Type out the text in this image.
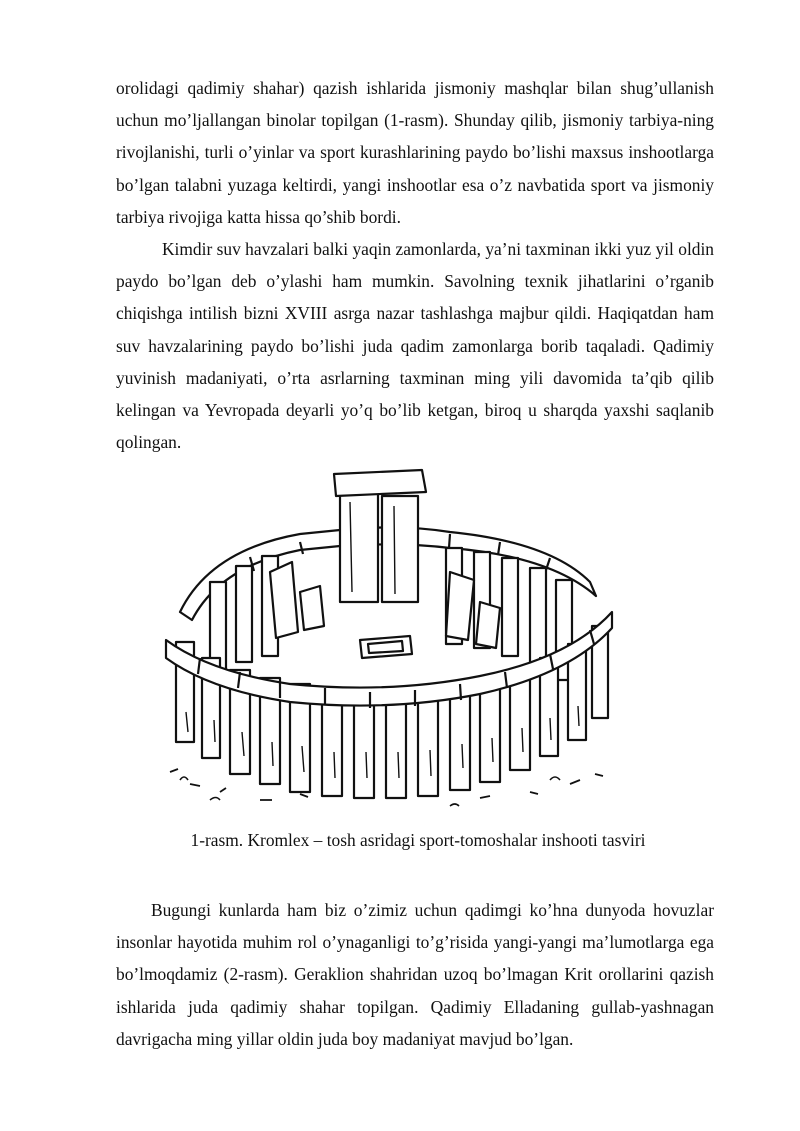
orolidagi qadimiy shahar) qazish ishlarida jismoniy mashqlar bilan shug’ullanish uchun mo’ljallangan binolar topilgan (1-rasm). Shunday qilib, jismoniy tarbiya-ning rivojlanishi, turli o’yinlar va sport kurashlarining paydo bo’lishi maxsus inshootlarga bo’lgan talabni yuzaga keltirdi, yangi inshootlar esa o’z navbatida sport va jismoniy tarbiya rivojiga katta hissa qo’shib bordi.

Kimdir suv havzalari balki yaqin zamonlarda, ya’ni taxminan ikki yuz yil oldin paydo bo’lgan deb o’ylashi ham mumkin. Savolning texnik jihatlarini o’rganib chiqishga intilish bizni XVIII asrga nazar tashlashga majbur qildi. Haqiqatdan ham suv havzalarining paydo bo’lishi juda qadim zamonlarga borib taqaladi. Qadimiy yuvinish madaniyati, o’rta asrlarning taxminan ming yili davomida ta’qib qilib kelingan va Yevropada deyarli yo’q bo’lib ketgan, biroq u sharqda yaxshi saqlanib qolingan.

1-rasm. Kromlex – tosh asridagi sport-tomoshalar inshooti tasviri

Bugungi kunlarda ham biz o’zimiz uchun qadimgi ko’hna dunyoda hovuzlar insonlar hayotida muhim rol o’ynaganligi to’g’risida yangi-yangi ma’lumotlarga ega bo’lmoqdamiz (2-rasm). Geraklion shahridan uzoq bo’lmagan Krit orollarini qazish ishlarida juda qadimiy shahar topilgan. Qadimiy Elladaning gullab-yashnagan davrigacha ming yillar oldin juda boy madaniyat mavjud bo’lgan.
